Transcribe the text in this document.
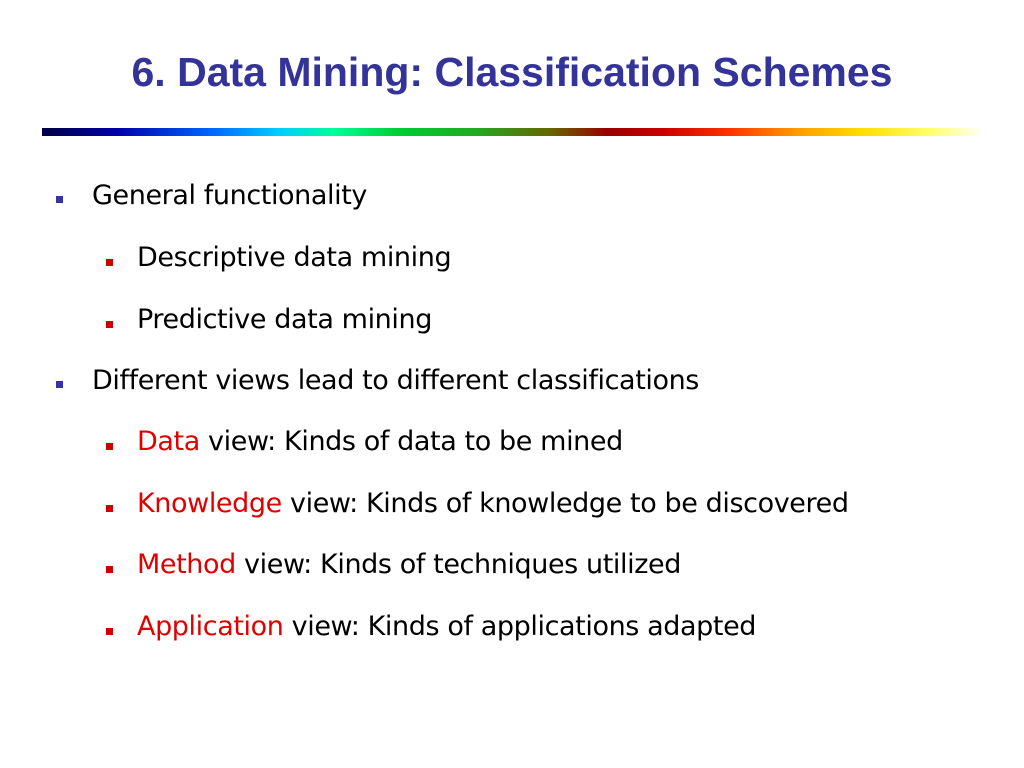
6. Data Mining: Classification Schemes
General functionality
Descriptive data mining
Predictive data mining
Different views lead to different classifications
Data view: Kinds of data to be mined
Knowledge view: Kinds of knowledge to be discovered
Method view: Kinds of techniques utilized
Application view: Kinds of applications adapted
